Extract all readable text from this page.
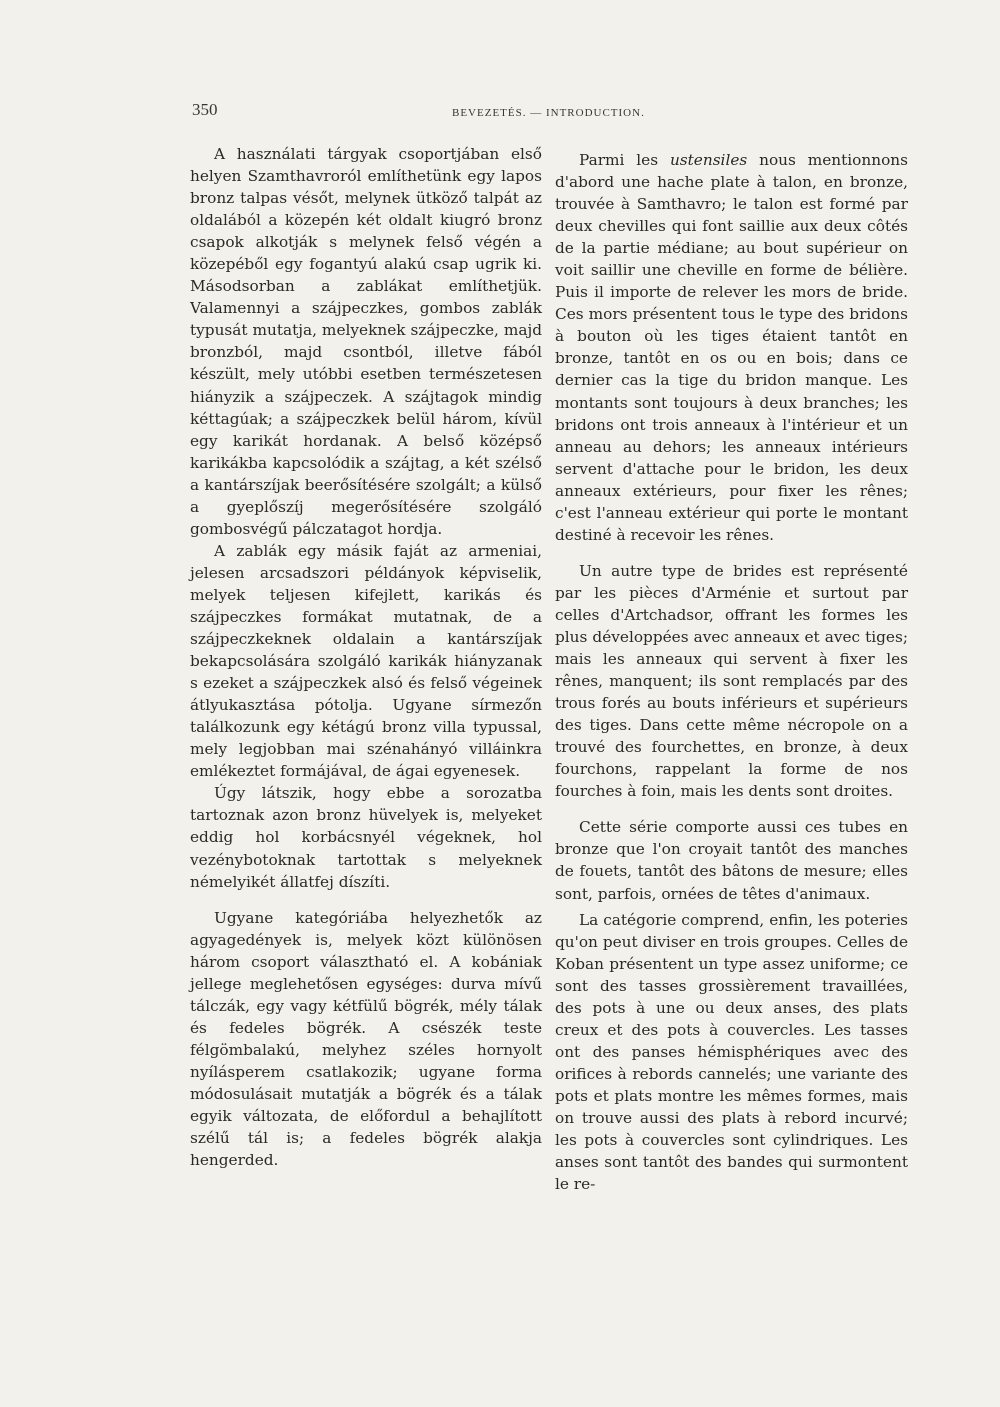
350	BEVEZETÉS. — INTRODUCTION.

A használati tárgyak csoportjában első helyen Szamthavroról említhetünk egy lapos bronz talpas vésőt, melynek ütköző talpát az oldalából a közepén két oldalt kiugró bronz csapok alkotják s melynek felső végén a közepéből egy fogantyú alakú csap ugrik ki. Másodsorban a zablákat említhetjük. Valamennyi a szájpeczkes, gombos zablák typusát mutatja, melyeknek szájpeczke, majd bronzból, majd csontból, illetve fából készült, mely utóbbi esetben természetesen hiányzik a szájpeczek. A szájtagok mindig kéttagúak; a szájpeczkek belül három, kívül egy karikát hordanak. A belső középső karikákba kapcsolódik a szájtag, a két szélső a kantárszíjak beerősítésére szolgált; a külső a gyeplőszíj megerősítésére szolgáló gombosvégű pálczatagot hordja.

A zablák egy másik faját az armeniai, jelesen arcsadszori példányok képviselik, melyek teljesen kifejlett, karikás és szájpeczkes formákat mutatnak, de a szájpeczkeknek oldalain a kantárszíjak bekapcsolására szolgáló karikák hiányzanak s ezeket a szájpeczkek alsó és felső végeinek átlyukasztása pótolja. Ugyane sírmezőn találkozunk egy kétágú bronz villa typussal, mely legjobban mai szénahányó villáinkra emlékeztet formájával, de ágai egyenesek.

Úgy látszik, hogy ebbe a sorozatba tartoznak azon bronz hüvelyek is, melyeket eddig hol korbácsnyél végeknek, hol vezénybotoknak tartottak s melyeknek némelyikét állatfej díszíti.

Ugyane kategóriába helyezhetők az agyagedények is, melyek közt különösen három csoport választható el. A kobániak jellege meglehetősen egységes: durva mívű tálczák, egy vagy kétfülű bögrék, mély tálak és fedeles bögrék. A csészék teste félgömbalakú, melyhez széles hornyolt nyílásperem csatlakozik; ugyane forma módosulásait mutatják a bögrék és a tálak egyik változata, de előfordul a behajlított szélű tál is; a fedeles bögrék alakja hengerded.

Parmi les ustensiles nous mentionnons d'abord une hache plate à talon, en bronze, trouvée à Samthavro; le talon est formé par deux chevilles qui font saillie aux deux côtés de la partie médiane; au bout supérieur on voit saillir une cheville en forme de bélière. Puis il importe de relever les mors de bride. Ces mors présentent tous le type des bridons à bouton où les tiges étaient tantôt en bronze, tantôt en os ou en bois; dans ce dernier cas la tige du bridon manque. Les montants sont toujours à deux branches; les bridons ont trois anneaux à l'intérieur et un anneau au dehors; les anneaux intérieurs servent d'attache pour le bridon, les deux anneaux extérieurs, pour fixer les rênes; c'est l'anneau extérieur qui porte le montant destiné à recevoir les rênes.

Un autre type de brides est représenté par les pièces d'Arménie et surtout par celles d'Artchadsor, offrant les formes les plus développées avec anneaux et avec tiges; mais les anneaux qui servent à fixer les rênes, manquent; ils sont remplacés par des trous forés au bouts inférieurs et supérieurs des tiges. Dans cette même nécropole on a trouvé des fourchettes, en bronze, à deux fourchons, rappelant la forme de nos fourches à foin, mais les dents sont droites.

Cette série comporte aussi ces tubes en bronze que l'on croyait tantôt des manches de fouets, tantôt des bâtons de mesure; elles sont, parfois, ornées de têtes d'animaux.

La catégorie comprend, enfin, les poteries qu'on peut diviser en trois groupes. Celles de Koban présentent un type assez uniforme; ce sont des tasses grossièrement travaillées, des pots à une ou deux anses, des plats creux et des pots à couvercles. Les tasses ont des panses hémisphériques avec des orifices à rebords cannelés; une variante des pots et plats montre les mêmes formes, mais on trouve aussi des plats à rebord incurvé; les pots à couvercles sont cylindriques. Les anses sont tantôt des bandes qui surmontent le re-
